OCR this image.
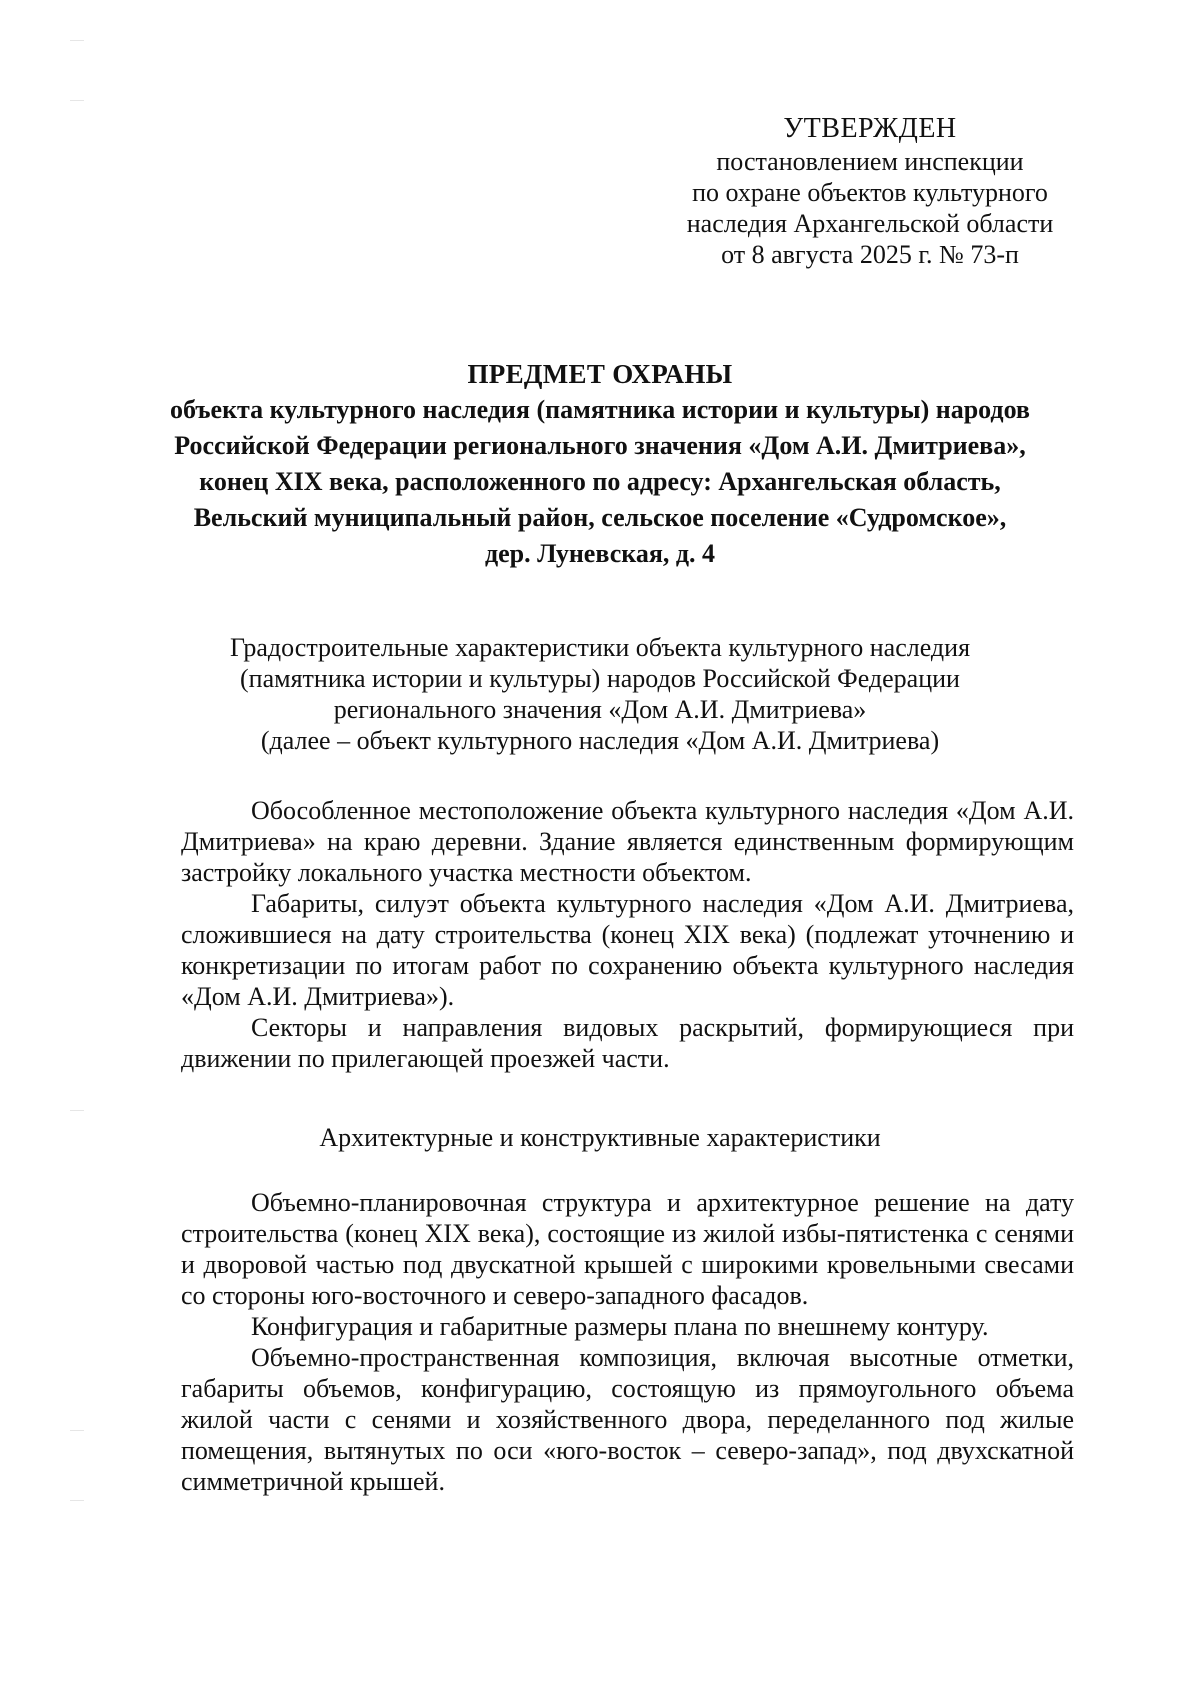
УТВЕРЖДЕН
постановлением инспекции
по охране объектов культурного
наследия Архангельской области
от 8 августа 2025 г. № 73-п
ПРЕДМЕТ ОХРАНЫ
объекта культурного наследия (памятника истории и культуры) народов
Российской Федерации регионального значения «Дом А.И. Дмитриева»,
конец XIX века, расположенного по адресу: Архангельская область,
Вельский муниципальный район, сельское поселение «Судромское»,
дер. Луневская, д. 4
Градостроительные характеристики объекта культурного наследия
(памятника истории и культуры) народов Российской Федерации
регионального значения «Дом А.И. Дмитриева»
(далее – объект культурного наследия «Дом А.И. Дмитриева)

Обособленное местоположение объекта культурного наследия «Дом А.И. Дмитриева» на краю деревни. Здание является единственным формирующим застройку локального участка местности объектом.

Габариты, силуэт объекта культурного наследия «Дом А.И. Дмитриева, сложившиеся на дату строительства (конец XIX века) (подлежат уточнению и конкретизации по итогам работ по сохранению объекта культурного наследия «Дом А.И. Дмитриева»).

Секторы и направления видовых раскрытий, формирующиеся при движении по прилегающей проезжей части.

Архитектурные и конструктивные характеристики

Объемно-планировочная структура и архитектурное решение на дату строительства (конец XIX века), состоящие из жилой избы-пятистенка с сенями и дворовой частью под двускатной крышей с широкими кровельными свесами со стороны юго-восточного и северо-западного фасадов.

Конфигурация и габаритные размеры плана по внешнему контуру.

Объемно-пространственная композиция, включая высотные отметки, габариты объемов, конфигурацию, состоящую из прямоугольного объема жилой части с сенями и хозяйственного двора, переделанного под жилые помещения, вытянутых по оси «юго-восток – северо-запад», под двухскатной симметричной крышей.
